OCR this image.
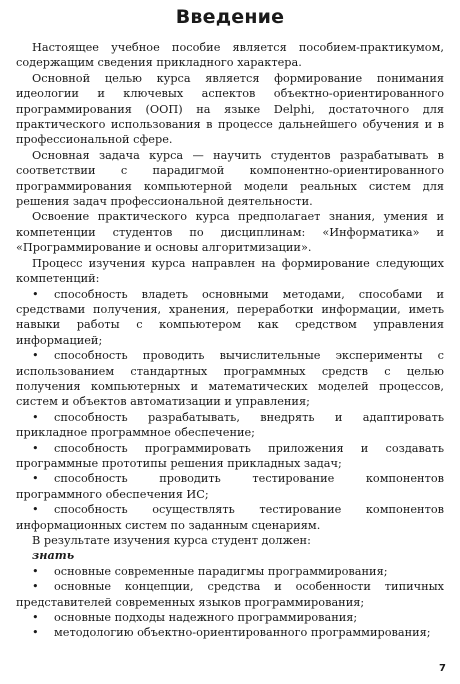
Введение

Настоящее учебное пособие является пособием-практикумом, содержащим сведения прикладного характера.

Основной целью курса является формирование понимания идеологии и ключевых аспектов объектно-ориентированного программирования (ООП) на языке Delphi, достаточного для практического использования в процессе дальнейшего обучения и в профессиональной сфере.

Основная задача курса — научить студентов разрабатывать в соответствии с парадигмой компонентно-ориентированного программирования компьютерной модели реальных систем для решения задач профессиональной деятельности.

Освоение практического курса предполагает знания, умения и компетенции студентов по дисциплинам: «Информатика» и «Программирование и основы алгоритмизации».

Процесс изучения курса направлен на формирование следующих компетенций:

• способность владеть основными методами, способами и средствами получения, хранения, переработки информации, иметь навыки работы с компьютером как средством управления информацией;
• способность проводить вычислительные эксперименты с использованием стандартных программных средств с целью получения компьютерных и математических моделей процессов, систем и объектов автоматизации и управления;
• способность разрабатывать, внедрять и адаптировать прикладное программное обеспечение;
• способность программировать приложения и создавать программные прототипы решения прикладных задач;
• способность проводить тестирование компонентов программного обеспечения ИС;
• способность осуществлять тестирование компонентов информационных систем по заданным сценариям.

В результате изучения курса студент должен:

знать
• основные современные парадигмы программирования;
• основные концепции, средства и особенности типичных представителей современных языков программирования;
• основные подходы надежного программирования;
• методологию объектно-ориентированного программирования;
7
